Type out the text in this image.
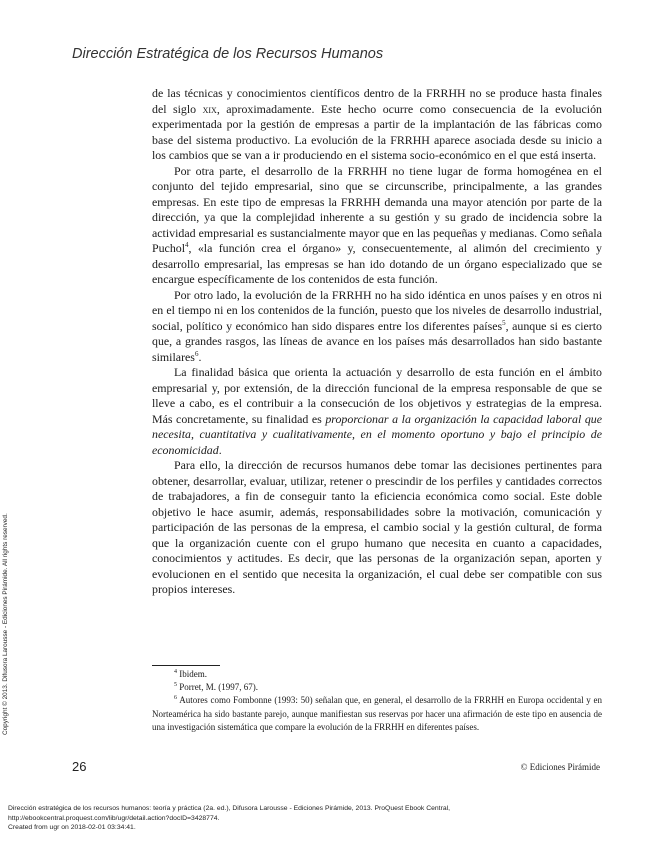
Dirección Estratégica de los Recursos Humanos

de las técnicas y conocimientos científicos dentro de la FRRHH no se produce hasta finales del siglo xix, aproximadamente. Este hecho ocurre como consecuencia de la evolución experimentada por la gestión de empresas a partir de la implantación de las fábricas como base del sistema productivo. La evolución de la FRRHH aparece asociada desde su inicio a los cambios que se van a ir produciendo en el sistema socio-económico en el que está inserta.

Por otra parte, el desarrollo de la FRRHH no tiene lugar de forma homogénea en el conjunto del tejido empresarial, sino que se circunscribe, principalmente, a las grandes empresas. En este tipo de empresas la FRRHH demanda una mayor atención por parte de la dirección, ya que la complejidad inherente a su gestión y su grado de incidencia sobre la actividad empresarial es sustancialmente mayor que en las pequeñas y medianas. Como señala Puchol$^4$, «la función crea el órgano» y, consecuentemente, al alimón del crecimiento y desarrollo empresarial, las empresas se han ido dotando de un órgano especializado que se encargue específicamente de los contenidos de esta función.

Por otro lado, la evolución de la FRRHH no ha sido idéntica en unos países y en otros ni en el tiempo ni en los contenidos de la función, puesto que los niveles de desarrollo industrial, social, político y económico han sido dispares entre los diferentes países$^5$, aunque si es cierto que, a grandes rasgos, las líneas de avance en los países más desarrollados han sido bastante similares$^6$.

La finalidad básica que orienta la actuación y desarrollo de esta función en el ámbito empresarial y, por extensión, de la dirección funcional de la empresa responsable de que se lleve a cabo, es el contribuir a la consecución de los objetivos y estrategias de la empresa. Más concretamente, su finalidad es proporcionar a la organización la capacidad laboral que necesita, cuantitativa y cualitativamente, en el momento oportuno y bajo el principio de economicidad.

Para ello, la dirección de recursos humanos debe tomar las decisiones pertinentes para obtener, desarrollar, evaluar, utilizar, retener o prescindir de los perfiles y cantidades correctos de trabajadores, a fin de conseguir tanto la eficiencia económica como social. Este doble objetivo le hace asumir, además, responsabilidades sobre la motivación, comunicación y participación de las personas de la empresa, el cambio social y la gestión cultural, de forma que la organización cuente con el grupo humano que necesita en cuanto a capacidades, conocimientos y actitudes. Es decir, que las personas de la organización sepan, aporten y evolucionen en el sentido que necesita la organización, el cual debe ser compatible con sus propios intereses.

$^4$ Ibidem.

$^5$ Porret, M. (1997, 67).

$^6$ Autores como Fombonne (1993: 50) señalan que, en general, el desarrollo de la FRRHH en Europa occidental y en Norteamérica ha sido bastante parejo, aunque manifiestan sus reservas por hacer una afirmación de este tipo en ausencia de una investigación sistemática que compare la evolución de la FRRHH en diferentes países.

26	© Ediciones Pirámide
Copyright © 2013. Difusora Larousse - Ediciones Pirámide. All rights reserved.
Dirección estratégica de los recursos humanos: teoría y práctica (2a. ed.), Difusora Larousse - Ediciones Pirámide, 2013. ProQuest Ebook Central,
http://ebookcentral.proquest.com/lib/ugr/detail.action?docID=3428774.
Created from ugr on 2018-02-01 03:34:41.
